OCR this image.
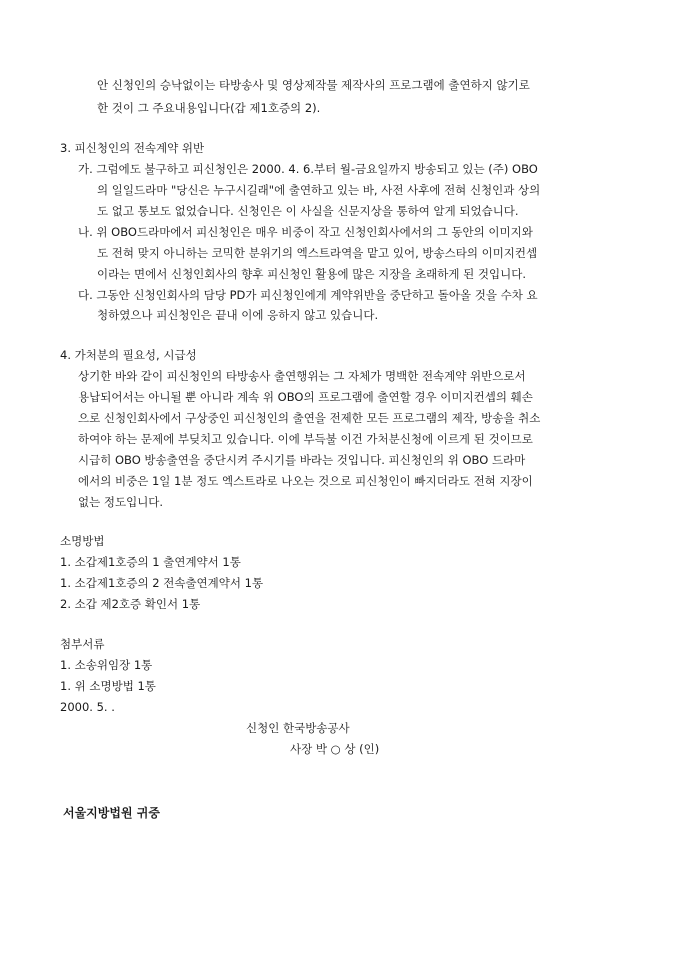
안 신청인의 승낙없이는 타방송사 및 영상제작물 제작사의 프로그램에 출연하지 않기로
한 것이 그 주요내용입니다(갑 제1호증의 2).
3. 피신청인의 전속계약 위반
가. 그럼에도 불구하고 피신청인은 2000. 4. 6.부터 월-금요일까지 방송되고 있는 (주) OBO
의 일일드라마 "당신은 누구시길래"에 출연하고 있는 바, 사전 사후에 전혀 신청인과 상의
도 없고 통보도 없었습니다. 신청인은 이 사실을 신문지상을 통하여 알게 되었습니다.
나. 위 OBO드라마에서 피신청인은 매우 비중이 작고 신청인회사에서의 그 동안의 이미지와
도 전혀 맞지 아니하는 코믹한 분위기의 엑스트라역을 맡고 있어, 방송스타의 이미지컨셉
이라는 면에서 신청인회사의 향후 피신청인 활용에 많은 지장을 초래하게 된 것입니다.
다. 그동안 신청인회사의 담당 PD가 피신청인에게 계약위반을 중단하고 돌아올 것을 수차 요
청하였으나 피신청인은 끝내 이에 응하지 않고 있습니다.
4. 가처분의 필요성, 시급성
상기한 바와 같이 피신청인의 타방송사 출연행위는 그 자체가 명백한 전속계약 위반으로서
용납되어서는 아니될 뿐 아니라 계속 위 OBO의 프로그램에 출연할 경우 이미지컨셉의 훼손
으로 신청인회사에서 구상중인 피신청인의 출연을 전제한 모든 프로그램의 제작, 방송을 취소
하여야 하는 문제에 부딪치고 있습니다. 이에 부득불 이건 가처분신청에 이르게 된 것이므로
시급히 OBO 방송출연을 중단시켜 주시기를 바라는 것입니다. 피신청인의 위 OBO 드라마
에서의 비중은 1일 1분 정도 엑스트라로 나오는 것으로 피신청인이 빠지더라도 전혀 지장이
없는 정도입니다.
소명방법
1. 소갑제1호증의 1 출연계약서 1통
1. 소갑제1호증의 2 전속출연계약서 1통
2. 소갑 제2호증 확인서 1통
첨부서류
1. 소송위임장 1통
1. 위 소명방법 1통
2000. 5. .
신청인 한국방송공사
사장 박 ○ 상 (인)
서울지방법원 귀중
